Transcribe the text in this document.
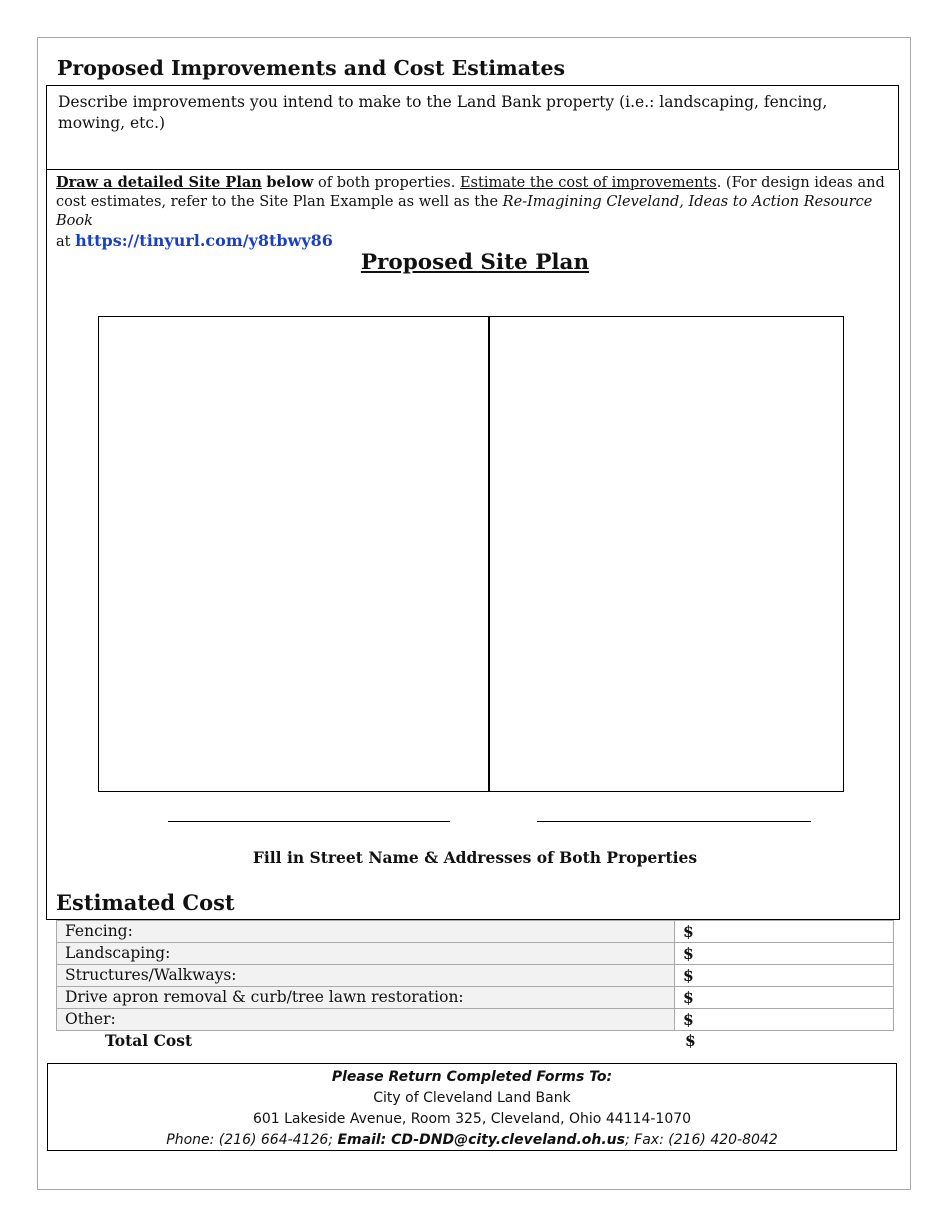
Proposed Improvements and Cost Estimates
Describe improvements you intend to make to the Land Bank property (i.e.: landscaping, fencing,
mowing, etc.)
Draw a detailed Site Plan below of both properties. Estimate the cost of improvements. (For design ideas and cost estimates, refer to the Site Plan Example as well as the Re-Imagining Cleveland, Ideas to Action Resource Book
at https://tinyurl.com/y8tbwy86
Proposed Site Plan
Fill in Street Name & Addresses of Both Properties
Estimated Cost
Fencing:	$
Landscaping:	$
Structures/Walkways:	$
Drive apron removal & curb/tree lawn restoration:	$
Other:	$
Total Cost	$
Please Return Completed Forms To:
City of Cleveland Land Bank
601 Lakeside Avenue, Room 325, Cleveland, Ohio 44114-1070
Phone: (216) 664-4126; Email: CD-DND@city.cleveland.oh.us; Fax: (216) 420-8042
